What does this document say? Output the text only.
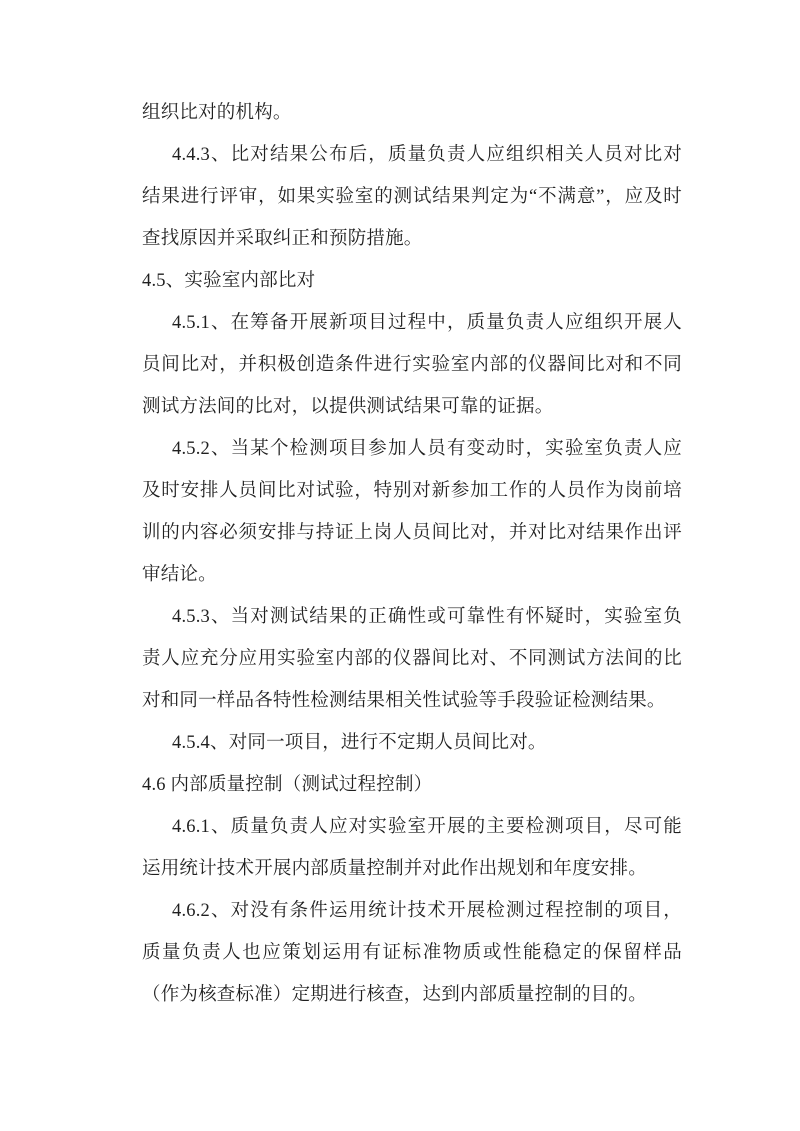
组织比对的机构。
4.4.3、比对结果公布后，质量负责人应组织相关人员对比对
结果进行评审，如果实验室的测试结果判定为“不满意”，应及时
查找原因并采取纠正和预防措施。
4.5、实验室内部比对
4.5.1、在筹备开展新项目过程中，质量负责人应组织开展人
员间比对，并积极创造条件进行实验室内部的仪器间比对和不同
测试方法间的比对，以提供测试结果可靠的证据。
4.5.2、当某个检测项目参加人员有变动时，实验室负责人应
及时安排人员间比对试验，特别对新参加工作的人员作为岗前培
训的内容必须安排与持证上岗人员间比对，并对比对结果作出评
审结论。
4.5.3、当对测试结果的正确性或可靠性有怀疑时，实验室负
责人应充分应用实验室内部的仪器间比对、不同测试方法间的比
对和同一样品各特性检测结果相关性试验等手段验证检测结果。
4.5.4、对同一项目，进行不定期人员间比对。
4.6 内部质量控制（测试过程控制）
4.6.1、质量负责人应对实验室开展的主要检测项目，尽可能
运用统计技术开展内部质量控制并对此作出规划和年度安排。
4.6.2、对没有条件运用统计技术开展检测过程控制的项目，
质量负责人也应策划运用有证标准物质或性能稳定的保留样品
（作为核查标准）定期进行核查，达到内部质量控制的目的。
